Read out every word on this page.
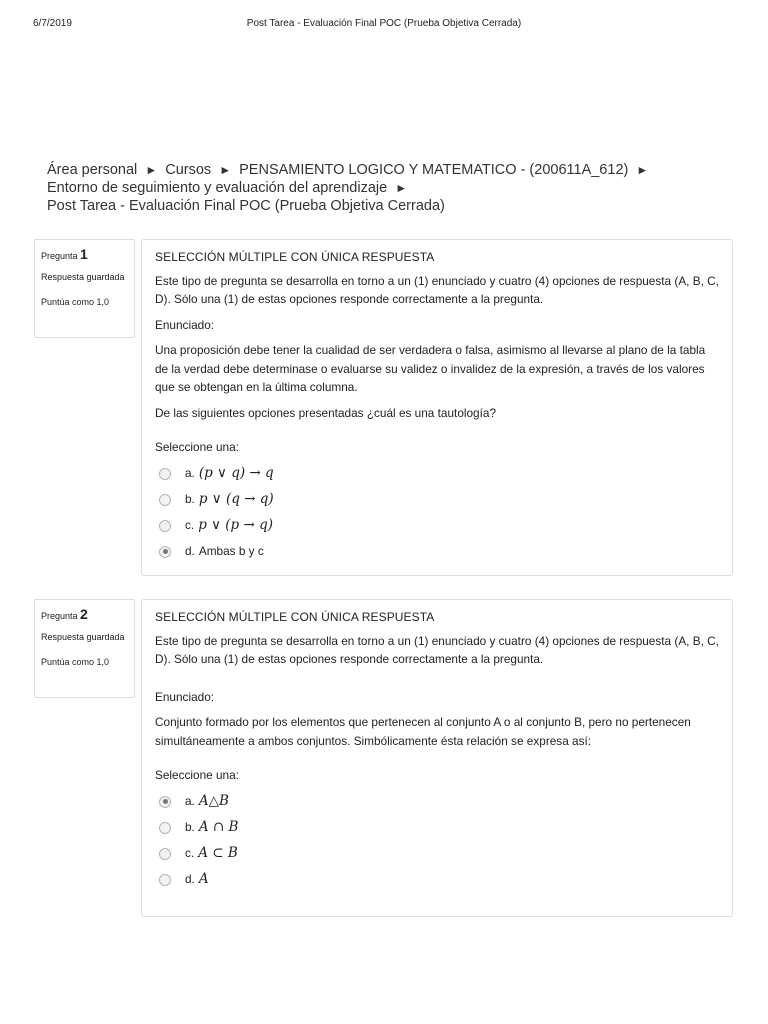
6/7/2019	Post Tarea - Evaluación Final POC (Prueba Objetiva Cerrada)
Área personal ► Cursos ► PENSAMIENTO LOGICO Y MATEMATICO - (200611A_612) ►
Entorno de seguimiento y evaluación del aprendizaje ►
Post Tarea - Evaluación Final POC (Prueba Objetiva Cerrada)
Pregunta 1
Respuesta guardada
Puntúa como 1,0

SELECCIÓN MÚLTIPLE CON ÚNICA RESPUESTA

Este tipo de pregunta se desarrolla en torno a un (1) enunciado y cuatro (4) opciones de respuesta (A, B, C, D). Sólo una (1) de estas opciones responde correctamente a la pregunta.

Enunciado:

Una proposición debe tener la cualidad de ser verdadera o falsa, asimismo al llevarse al plano de la tabla de la verdad debe determinase o evaluarse su validez o invalidez de la expresión, a través de los valores que se obtengan en la última columna.

De las siguientes opciones presentadas ¿cuál es una tautología?

Seleccione una:

a. (p ∨ q) → q
b. p ∨ (q → q)
c. p ∨ (p → q)
d. Ambas b y c
Pregunta 2
Respuesta guardada
Puntúa como 1,0

SELECCIÓN MÚLTIPLE CON ÚNICA RESPUESTA

Este tipo de pregunta se desarrolla en torno a un (1) enunciado y cuatro (4) opciones de respuesta (A, B, C, D). Sólo una (1) de estas opciones responde correctamente a la pregunta.

Enunciado:

Conjunto formado por los elementos que pertenecen al conjunto A o al conjunto B, pero no pertenecen simultáneamente a ambos conjuntos. Simbólicamente ésta relación se expresa así:

Seleccione una:

a. A△B
b. A ∩ B
c. A ⊂ B
d. A
